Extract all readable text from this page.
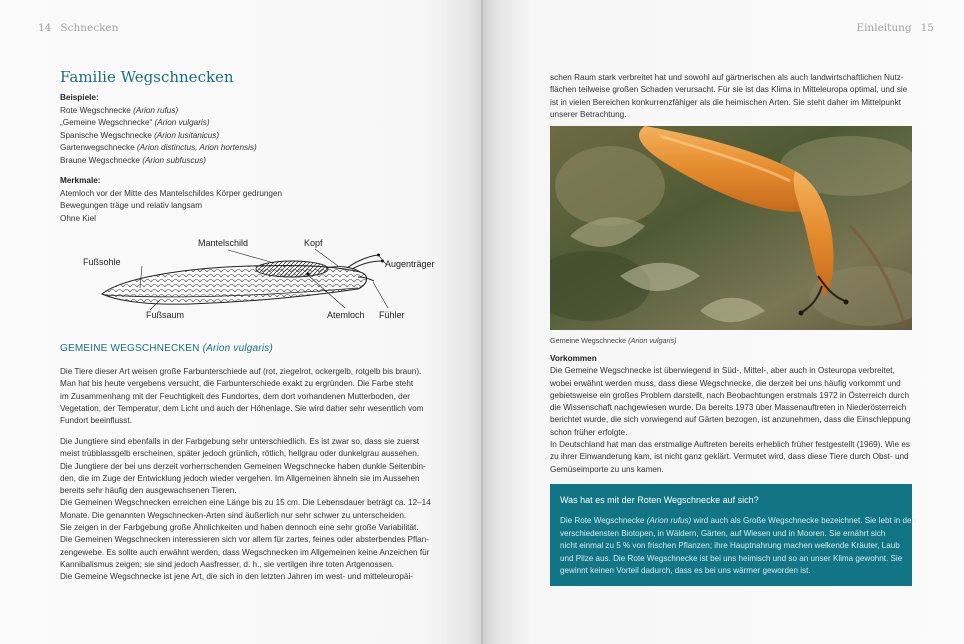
14 Schnecken
Familie Wegschnecken
Beispiele:
Rote Wegschnecke (Arion rufus)
„Gemeine Wegschnecke“ (Arion vulgaris)
Spanische Wegschnecke (Arion lusitanicus)
Gartenwegschnecke (Arion distinctus, Arion hortensis)
Braune Wegschnecke (Arion subfuscus)
Merkmale:
Atemloch vor der Mitte des Mantelschildes Körper gedrungen
Bewegungen träge und relativ langsam
Ohne Kiel
Mantelschild	Kopf
Fußsohle	Augenträger
Fußsaum	Atemloch Fühler
GEMEINE WEGSCHNECKEN (Arion vulgaris)
Die Tiere dieser Art weisen große Farbunterschiede auf (rot, ziegelrot, ockergelb, rotgelb bis braun).
Man hat bis heute vergebens versucht, die Farbunterschiede exakt zu ergründen. Die Farbe steht
im Zusammenhang mit der Feuchtigkeit des Fundortes, dem dort vorhandenen Mutterboden, der
Vegetation, der Temperatur, dem Licht und auch der Höhenlage. Sie wird daher sehr wesentlich vom
Fundort beeinflusst.
Die Jungtiere sind ebenfalls in der Farbgebung sehr unterschiedlich. Es ist zwar so, dass sie zuerst
meist trübblassgelb erscheinen, später jedoch grünlich, rötlich, hellgrau oder dunkelgrau aussehen.
Die Jungtiere der bei uns derzeit vorherrschenden Gemeinen Wegschnecke haben dunkle Seitenbin-
den, die im Zuge der Entwicklung jedoch wieder vergehen. Im Allgemeinen ähneln sie im Aussehen
bereits sehr häufig den ausgewachsenen Tieren.
Die Gemeinen Wegschnecken erreichen eine Länge bis zu 15 cm. Die Lebensdauer beträgt ca. 12–14
Monate. Die genannten Wegschnecken-Arten sind äußerlich nur sehr schwer zu unterscheiden.
Sie zeigen in der Farbgebung große Ähnlichkeiten und haben dennoch eine sehr große Variabilität.
Die Gemeinen Wegschnecken interessieren sich vor allem für zartes, feines oder absterbendes Pflan-
zengewebe. Es sollte auch erwähnt werden, dass Wegschnecken im Allgemeinen keine Anzeichen für
Kannibalismus zeigen; sie sind jedoch Aasfresser, d. h., sie vertilgen ihre toten Artgenossen.
Die Gemeine Wegschnecke ist jene Art, die sich in den letzten Jahren im west- und mitteleuropäi-
Einleitung 15
schen Raum stark verbreitet hat und sowohl auf gärtnerischen als auch landwirtschaftlichen Nutz-
flächen teilweise großen Schaden verursacht. Für sie ist das Klima in Mitteleuropa optimal, und sie
ist in vielen Bereichen konkurrenzfähiger als die heimischen Arten. Sie steht daher im Mittelpunkt
unserer Betrachtung.
Gemeine Wegschnecke (Arion vulgaris)
Vorkommen
Die Gemeine Wegschnecke ist überwiegend in Süd-, Mittel-, aber auch in Osteuropa verbreitet,
wobei erwähnt werden muss, dass diese Wegschnecke, die derzeit bei uns häufig vorkommt und
gebietsweise ein großes Problem darstellt, nach Beobachtungen erstmals 1972 in Österreich durch
die Wissenschaft nachgewiesen wurde. Da bereits 1973 über Massenauftreten in Niederösterreich
berichtet wurde, die sich vorwiegend auf Gärten bezogen, ist anzunehmen, dass die Einschleppung
schon früher erfolgte.
In Deutschland hat man das erstmalige Auftreten bereits erheblich früher festgestellt (1969). Wie es
zu ihrer Einwanderung kam, ist nicht ganz geklärt. Vermutet wird, dass diese Tiere durch Obst- und
Gemüseimporte zu uns kamen.
Was hat es mit der Roten Wegschnecke auf sich?
Die Rote Wegschnecke (Arion rufus) wird auch als Große Wegschnecke bezeichnet. Sie lebt in den
verschiedensten Biotopen, in Wäldern, Gärten, auf Wiesen und in Mooren. Sie ernährt sich
nicht einmal zu 5 % von frischen Pflanzen; ihre Hauptnahrung machen welkende Kräuter, Laub
und Pilze aus. Die Rote Wegschnecke ist bei uns heimisch und so an unser Klima gewohnt. Sie
gewinnt keinen Vorteil dadurch, dass es bei uns wärmer geworden ist.
